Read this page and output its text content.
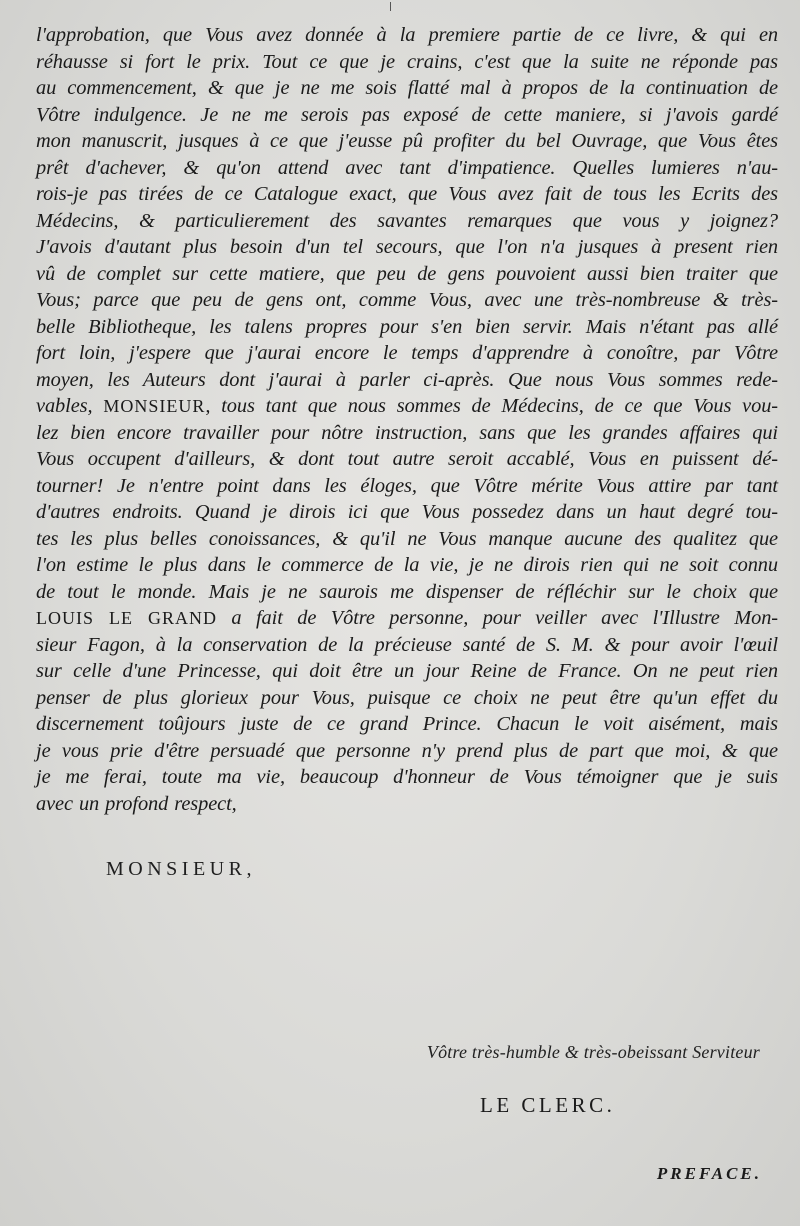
l'approbation, que Vous avez donnée à la premiere partie de ce livre, & qui en
réhausse si fort le prix. Tout ce que je crains, c'est que la suite ne réponde pas
au commencement, & que je ne me sois flatté mal à propos de la continuation de
Vôtre indulgence. Je ne me serois pas exposé de cette maniere, si j'avois gardé
mon manuscrit, jusques à ce que j'eusse pû profiter du bel Ouvrage, que Vous êtes
prêt d'achever, & qu'on attend avec tant d'impatience. Quelles lumieres n'au-
rois-je pas tirées de ce Catalogue exact, que Vous avez fait de tous les Ecrits des
Médecins, & particulierement des savantes remarques que vous y joignez?
J'avois d'autant plus besoin d'un tel secours, que l'on n'a jusques à present rien
vû de complet sur cette matiere, que peu de gens pouvoient aussi bien traiter que
Vous; parce que peu de gens ont, comme Vous, avec une très-nombreuse & très-
belle Bibliotheque, les talens propres pour s'en bien servir. Mais n'étant pas allé
fort loin, j'espere que j'aurai encore le temps d'apprendre à conoître, par Vôtre
moyen, les Auteurs dont j'aurai à parler ci-après. Que nous Vous sommes rede-
vables, MONSIEUR, tous tant que nous sommes de Médecins, de ce que Vous vou-
lez bien encore travailler pour nôtre instruction, sans que les grandes affaires qui
Vous occupent d'ailleurs, & dont tout autre seroit accablé, Vous en puissent dé-
tourner! Je n'entre point dans les éloges, que Vôtre mérite Vous attire par tant
d'autres endroits. Quand je dirois ici que Vous possedez dans un haut degré tou-
tes les plus belles conoissances, & qu'il ne Vous manque aucune des qualitez que
l'on estime le plus dans le commerce de la vie, je ne dirois rien qui ne soit connu
de tout le monde. Mais je ne saurois me dispenser de réfléchir sur le choix que
LOUIS LE GRAND a fait de Vôtre personne, pour veiller avec l'Illustre Mon-
sieur Fagon, à la conservation de la précieuse santé de S. M. & pour avoir l'œuil
sur celle d'une Princesse, qui doit être un jour Reine de France. On ne peut rien
penser de plus glorieux pour Vous, puisque ce choix ne peut être qu'un effet du
discernement toûjours juste de ce grand Prince. Chacun le voit aisément, mais
je vous prie d'être persuadé que personne n'y prend plus de part que moi, & que
je me ferai, toute ma vie, beaucoup d'honneur de Vous témoigner que je suis
avec un profond respect,
MONSIEUR,
Vôtre très-humble & très-obeissant Serviteur
LE CLERC.
PREFACE.
